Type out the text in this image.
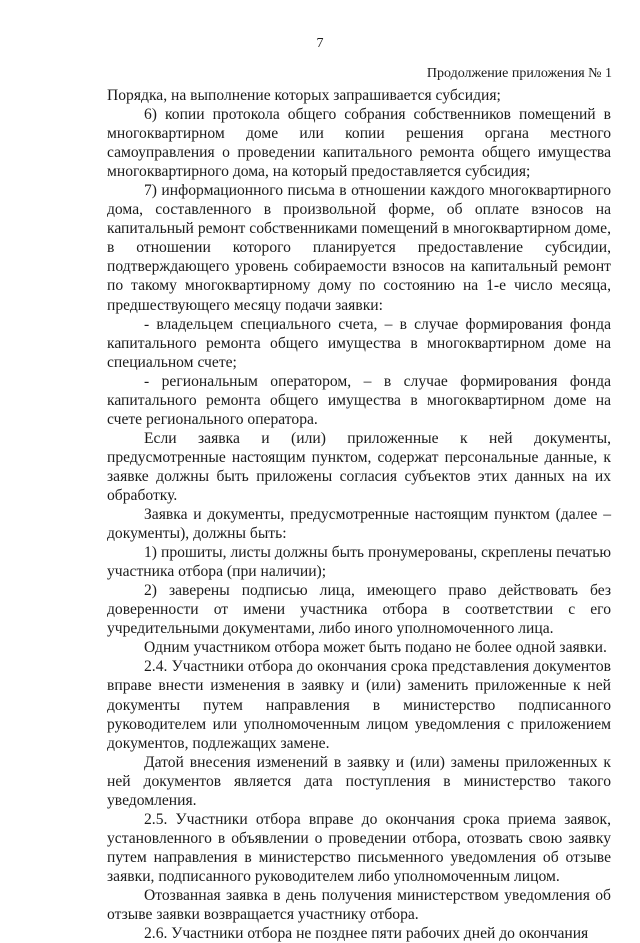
7
Продолжение приложения № 1

Порядка, на выполнение которых запрашивается субсидия;

6) копии протокола общего собрания собственников помещений в многоквартирном доме или копии решения органа местного самоуправления о проведении капитального ремонта общего имущества многоквартирного дома, на который предоставляется субсидия;

7) информационного письма в отношении каждого многоквартирного дома, составленного в произвольной форме, об оплате взносов на капитальный ремонт собственниками помещений в многоквартирном доме, в отношении которого планируется предоставление субсидии, подтверждающего уровень собираемости взносов на капитальный ремонт по такому многоквартирному дому по состоянию на 1-е число месяца, предшествующего месяцу подачи заявки:

- владельцем специального счета, – в случае формирования фонда капитального ремонта общего имущества в многоквартирном доме на специальном счете;

- региональным оператором, – в случае формирования фонда капитального ремонта общего имущества в многоквартирном доме на счете регионального оператора.

Если заявка и (или) приложенные к ней документы, предусмотренные настоящим пунктом, содержат персональные данные, к заявке должны быть приложены согласия субъектов этих данных на их обработку.

Заявка и документы, предусмотренные настоящим пунктом (далее – документы), должны быть:

1) прошиты, листы должны быть пронумерованы, скреплены печатью участника отбора (при наличии);

2) заверены подписью лица, имеющего право действовать без доверенности от имени участника отбора в соответствии с его учредительными документами, либо иного уполномоченного лица.

Одним участником отбора может быть подано не более одной заявки.

2.4. Участники отбора до окончания срока представления документов вправе внести изменения в заявку и (или) заменить приложенные к ней документы путем направления в министерство подписанного руководителем или уполномоченным лицом уведомления с приложением документов, подлежащих замене.

Датой внесения изменений в заявку и (или) замены приложенных к ней документов является дата поступления в министерство такого уведомления.

2.5. Участники отбора вправе до окончания срока приема заявок, установленного в объявлении о проведении отбора, отозвать свою заявку путем направления в министерство письменного уведомления об отзыве заявки, подписанного руководителем либо уполномоченным лицом.

Отозванная заявка в день получения министерством уведомления об отзыве заявки возвращается участнику отбора.

2.6. Участники отбора не позднее пяти рабочих дней до окончания
